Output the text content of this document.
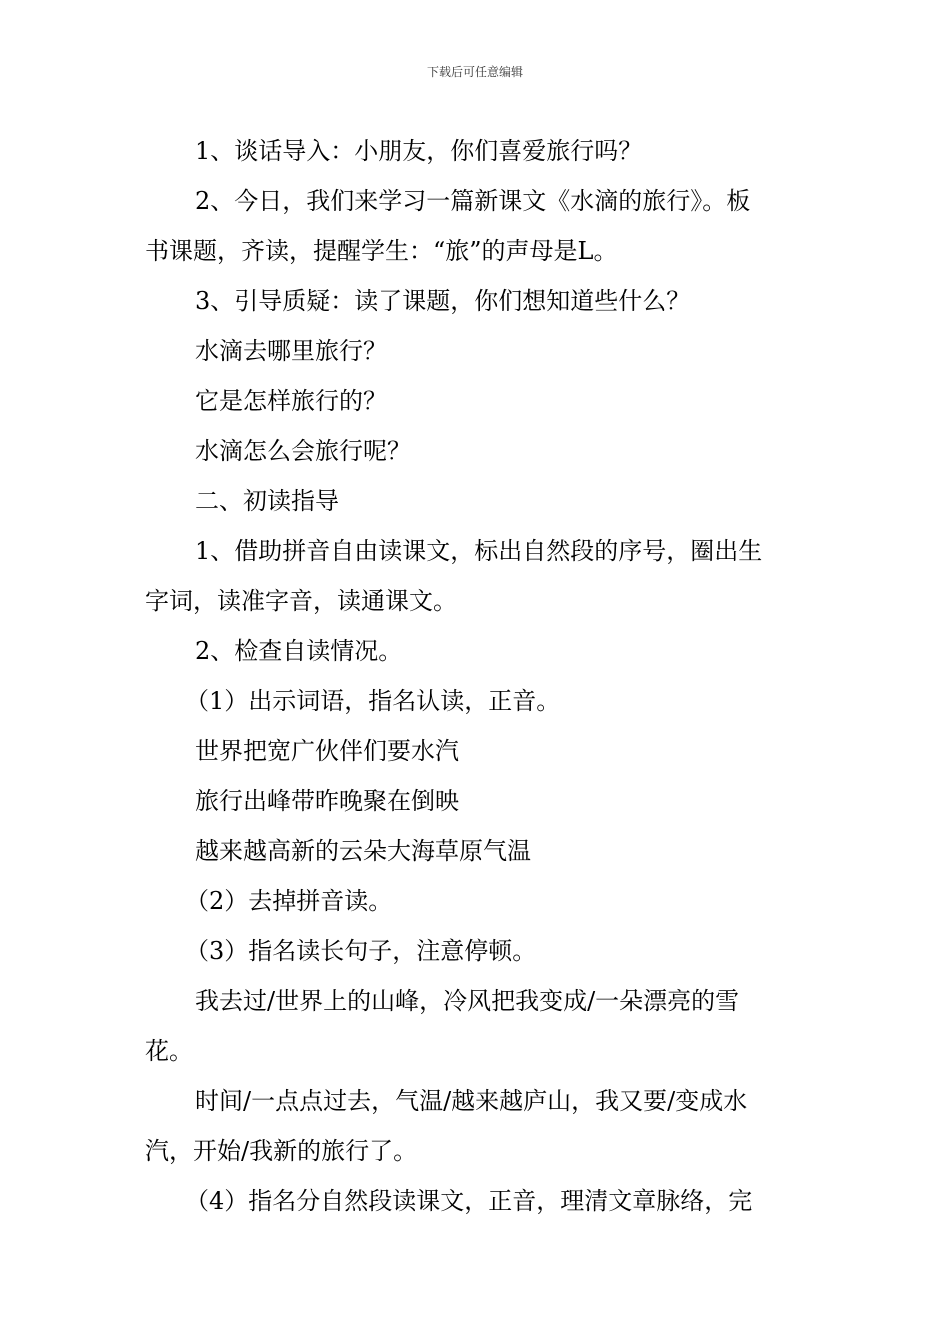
下载后可任意编辑
1、谈话导入：小朋友，你们喜爱旅行吗？
2、今日，我们来学习一篇新课文《水滴的旅行》。板
书课题，齐读，提醒学生：“旅”的声母是L。
3、引导质疑：读了课题，你们想知道些什么？
水滴去哪里旅行？
它是怎样旅行的？
水滴怎么会旅行呢？
二、初读指导
1、借助拼音自由读课文，标出自然段的序号，圈出生
字词，读准字音，读通课文。
2、检查自读情况。
（1）出示词语，指名认读，正音。
世界把宽广伙伴们要水汽
旅行出峰带昨晚聚在倒映
越来越高新的云朵大海草原气温
（2）去掉拼音读。
（3）指名读长句子，注意停顿。
我去过/世界上的山峰，冷风把我变成/一朵漂亮的雪
花。
时间/一点点过去，气温/越来越庐山，我又要/变成水
汽，开始/我新的旅行了。
（4）指名分自然段读课文，正音，理清文章脉络，完
